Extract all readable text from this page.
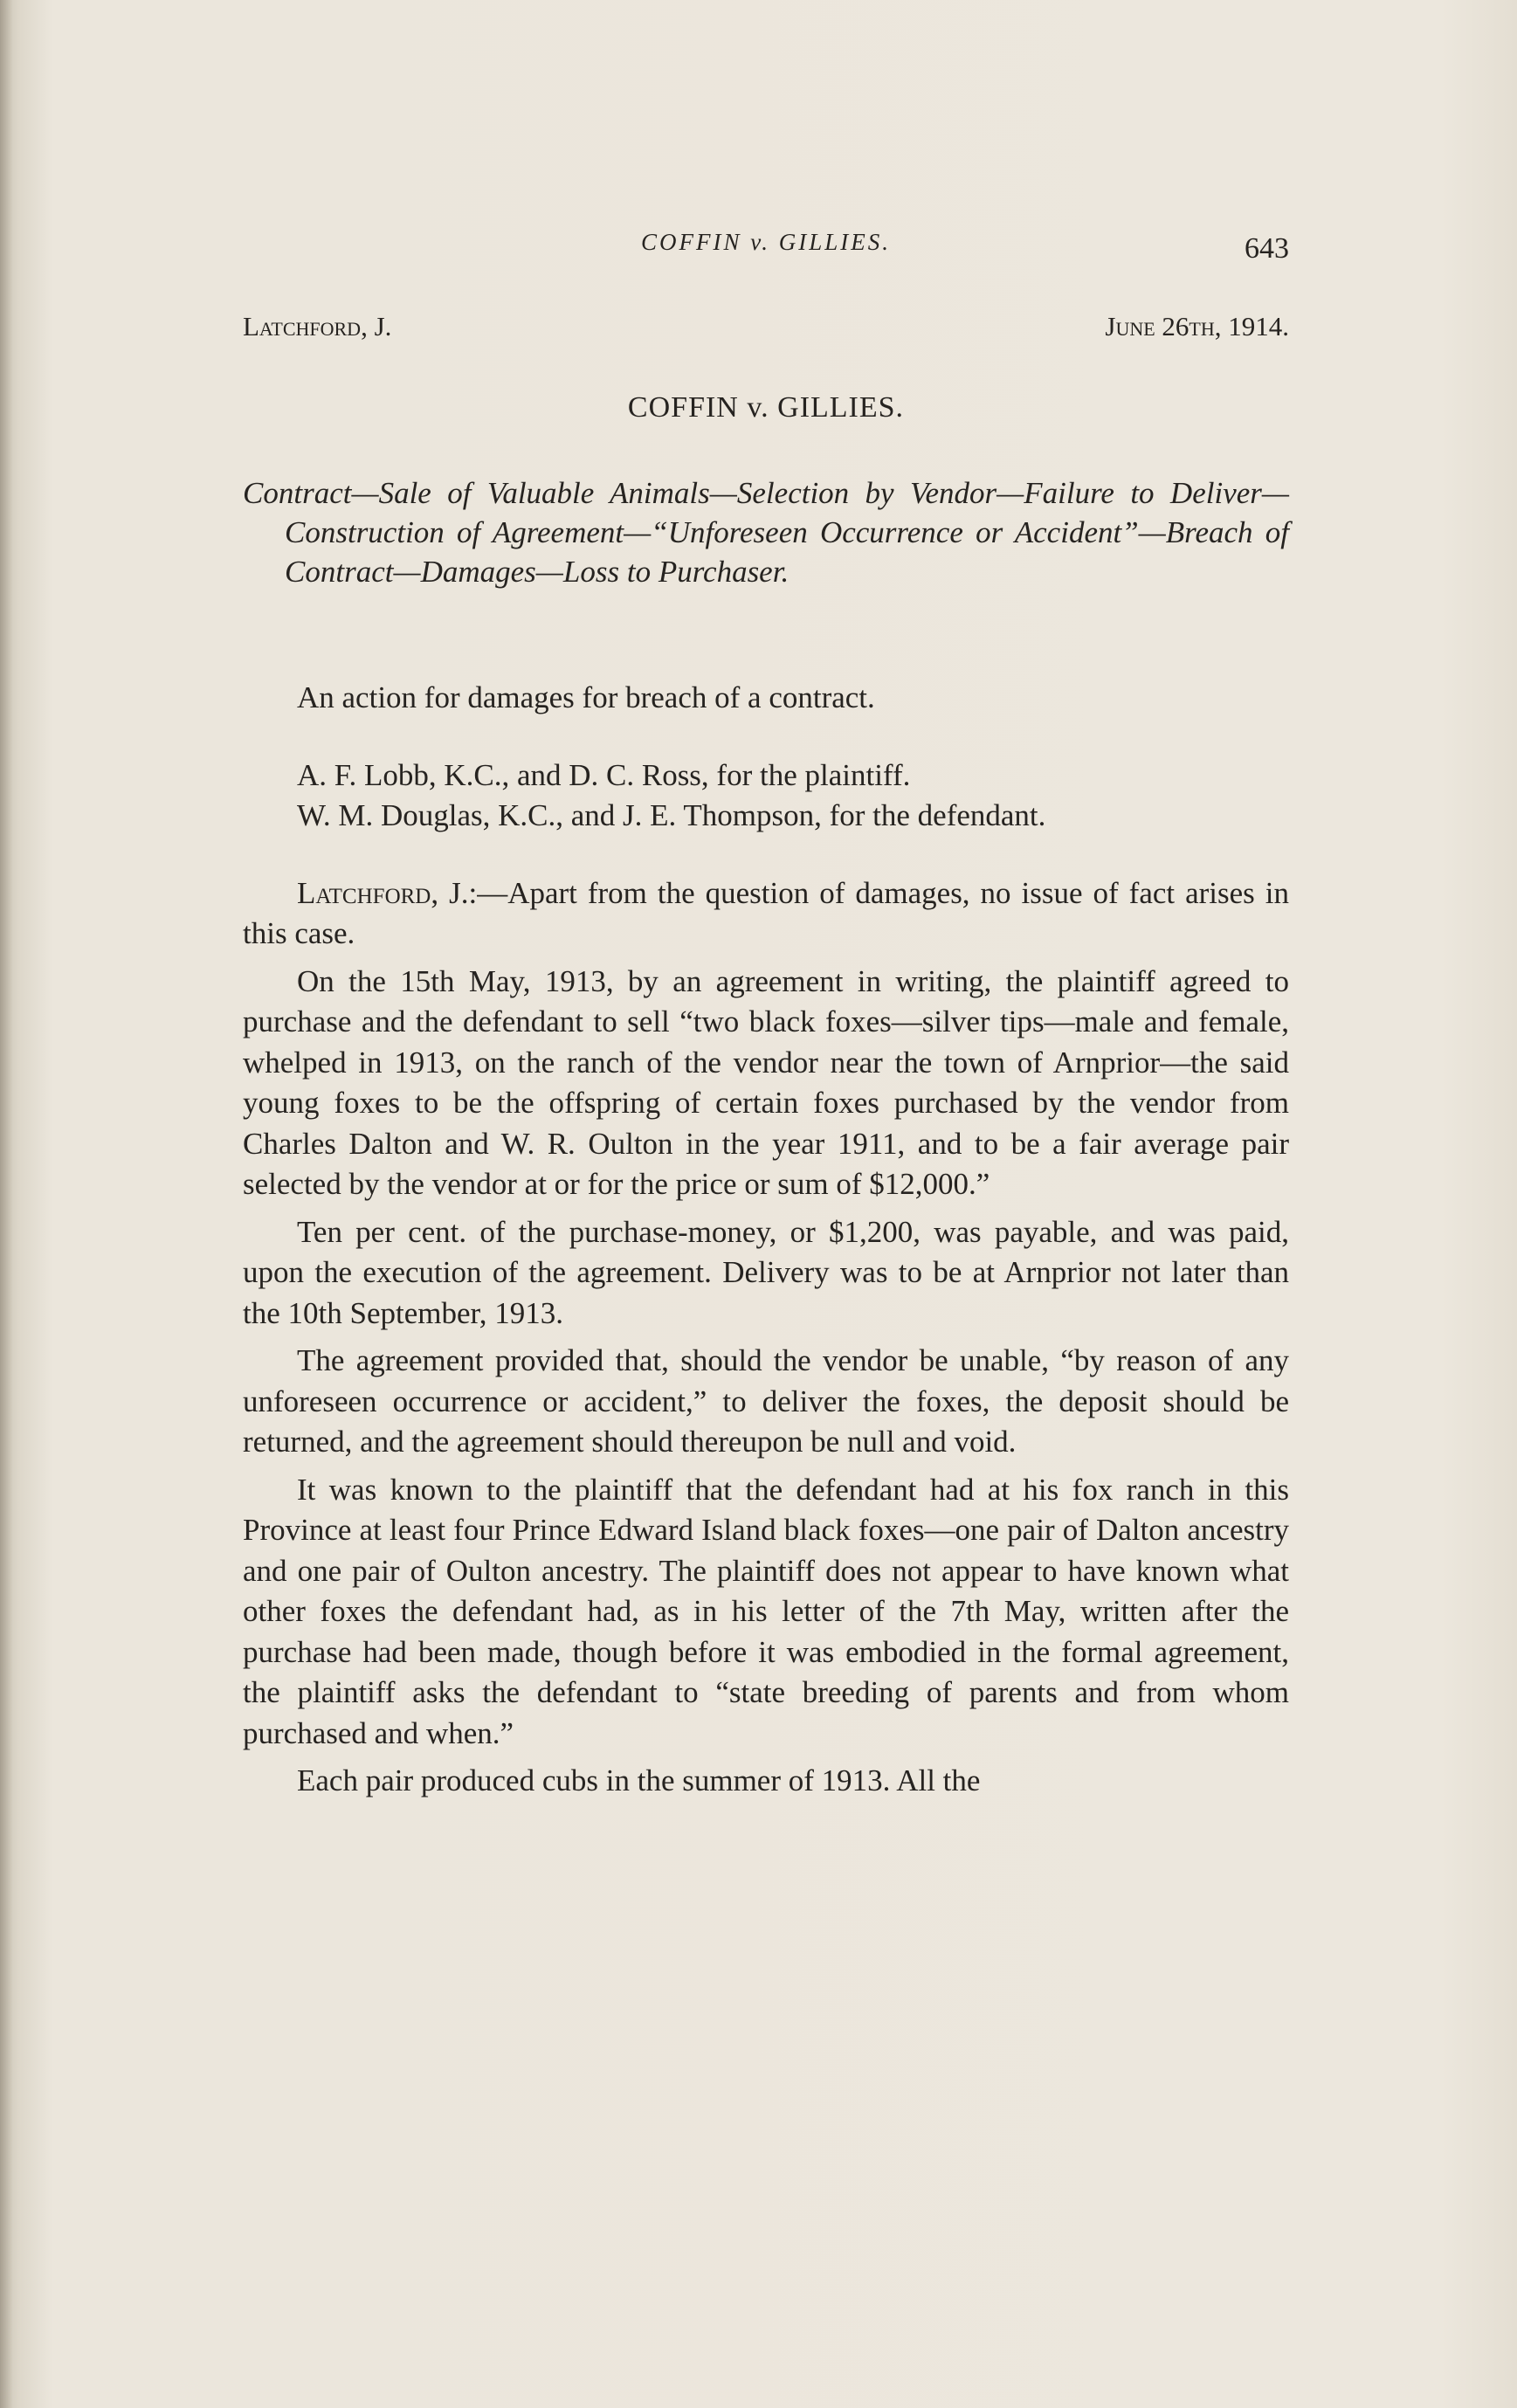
COFFIN v. GILLIES.	643
Latchford, J.	June 26th, 1914.
COFFIN v. GILLIES.
Contract—Sale of Valuable Animals—Selection by Vendor—Failure to Deliver—Construction of Agreement—“Unforeseen Occurrence or Accident”—Breach of Contract—Damages—Loss to Purchaser.

An action for damages for breach of a contract.

A. F. Lobb, K.C., and D. C. Ross, for the plaintiff.

W. M. Douglas, K.C., and J. E. Thompson, for the defendant.

Latchford, J.:—Apart from the question of damages, no issue of fact arises in this case.

On the 15th May, 1913, by an agreement in writing, the plaintiff agreed to purchase and the defendant to sell “two black foxes—silver tips—male and female, whelped in 1913, on the ranch of the vendor near the town of Arnprior—the said young foxes to be the offspring of certain foxes purchased by the vendor from Charles Dalton and W. R. Oulton in the year 1911, and to be a fair average pair selected by the vendor at or for the price or sum of $12,000.”

Ten per cent. of the purchase-money, or $1,200, was payable, and was paid, upon the execution of the agreement. Delivery was to be at Arnprior not later than the 10th September, 1913.

The agreement provided that, should the vendor be unable, “by reason of any unforeseen occurrence or accident,” to deliver the foxes, the deposit should be returned, and the agreement should thereupon be null and void.

It was known to the plaintiff that the defendant had at his fox ranch in this Province at least four Prince Edward Island black foxes—one pair of Dalton ancestry and one pair of Oulton ancestry. The plaintiff does not appear to have known what other foxes the defendant had, as in his letter of the 7th May, written after the purchase had been made, though before it was embodied in the formal agreement, the plaintiff asks the defendant to “state breeding of parents and from whom purchased and when.”

Each pair produced cubs in the summer of 1913. All the
